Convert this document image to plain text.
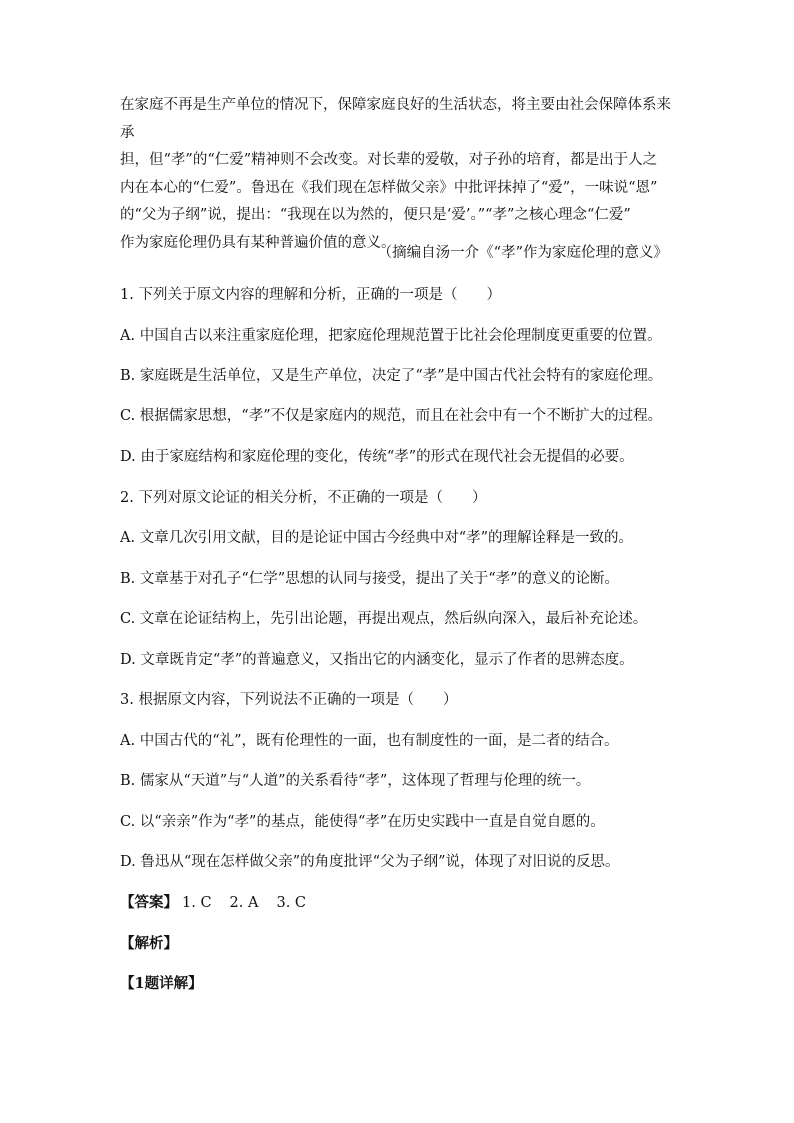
在家庭不再是生产单位的情况下，保障家庭良好的生活状态，将主要由社会保障体系来承

担，但“孝”的“仁爱”精神则不会改变。对长辈的爱敬，对子孙的培育，都是出于人之

内在本心的“仁爱”。鲁迅在《我们现在怎样做父亲》中批评抹掉了“爱”，一味说“恩”

的“父为子纲”说，提出：“我现在以为然的，便只是‘爱’。”“孝”之核心理念“仁爱”

作为家庭伦理仍具有某种普遍价值的意义。

（摘编自汤一介《“孝”作为家庭伦理的意义》
1. 下列关于原文内容的理解和分析，正确的一项是（　　）
A. 中国自古以来注重家庭伦理，把家庭伦理规范置于比社会伦理制度更重要的位置。
B. 家庭既是生活单位，又是生产单位，决定了“孝”是中国古代社会特有的家庭伦理。
C. 根据儒家思想，“孝”不仅是家庭内的规范，而且在社会中有一个不断扩大的过程。
D. 由于家庭结构和家庭伦理的变化，传统“孝”的形式在现代社会无提倡的必要。
2. 下列对原文论证的相关分析，不正确的一项是（　　）
A. 文章几次引用文献，目的是论证中国古今经典中对“孝”的理解诠释是一致的。
B. 文章基于对孔子“仁学”思想的认同与接受，提出了关于“孝”的意义的论断。
C. 文章在论证结构上，先引出论题，再提出观点，然后纵向深入，最后补充论述。
D. 文章既肯定“孝”的普遍意义，又指出它的内涵变化，显示了作者的思辨态度。
3. 根据原文内容，下列说法不正确的一项是（　　）
A. 中国古代的“礼”，既有伦理性的一面，也有制度性的一面，是二者的结合。
B. 儒家从“天道”与“人道”的关系看待“孝”，这体现了哲理与伦理的统一。
C. 以“亲亲”作为“孝”的基点，能使得“孝”在历史实践中一直是自觉自愿的。
D. 鲁迅从“现在怎样做父亲”的角度批评“父为子纲”说，体现了对旧说的反思。
【答案】 1. C 2. A 3. C
【解析】
【1题详解】
